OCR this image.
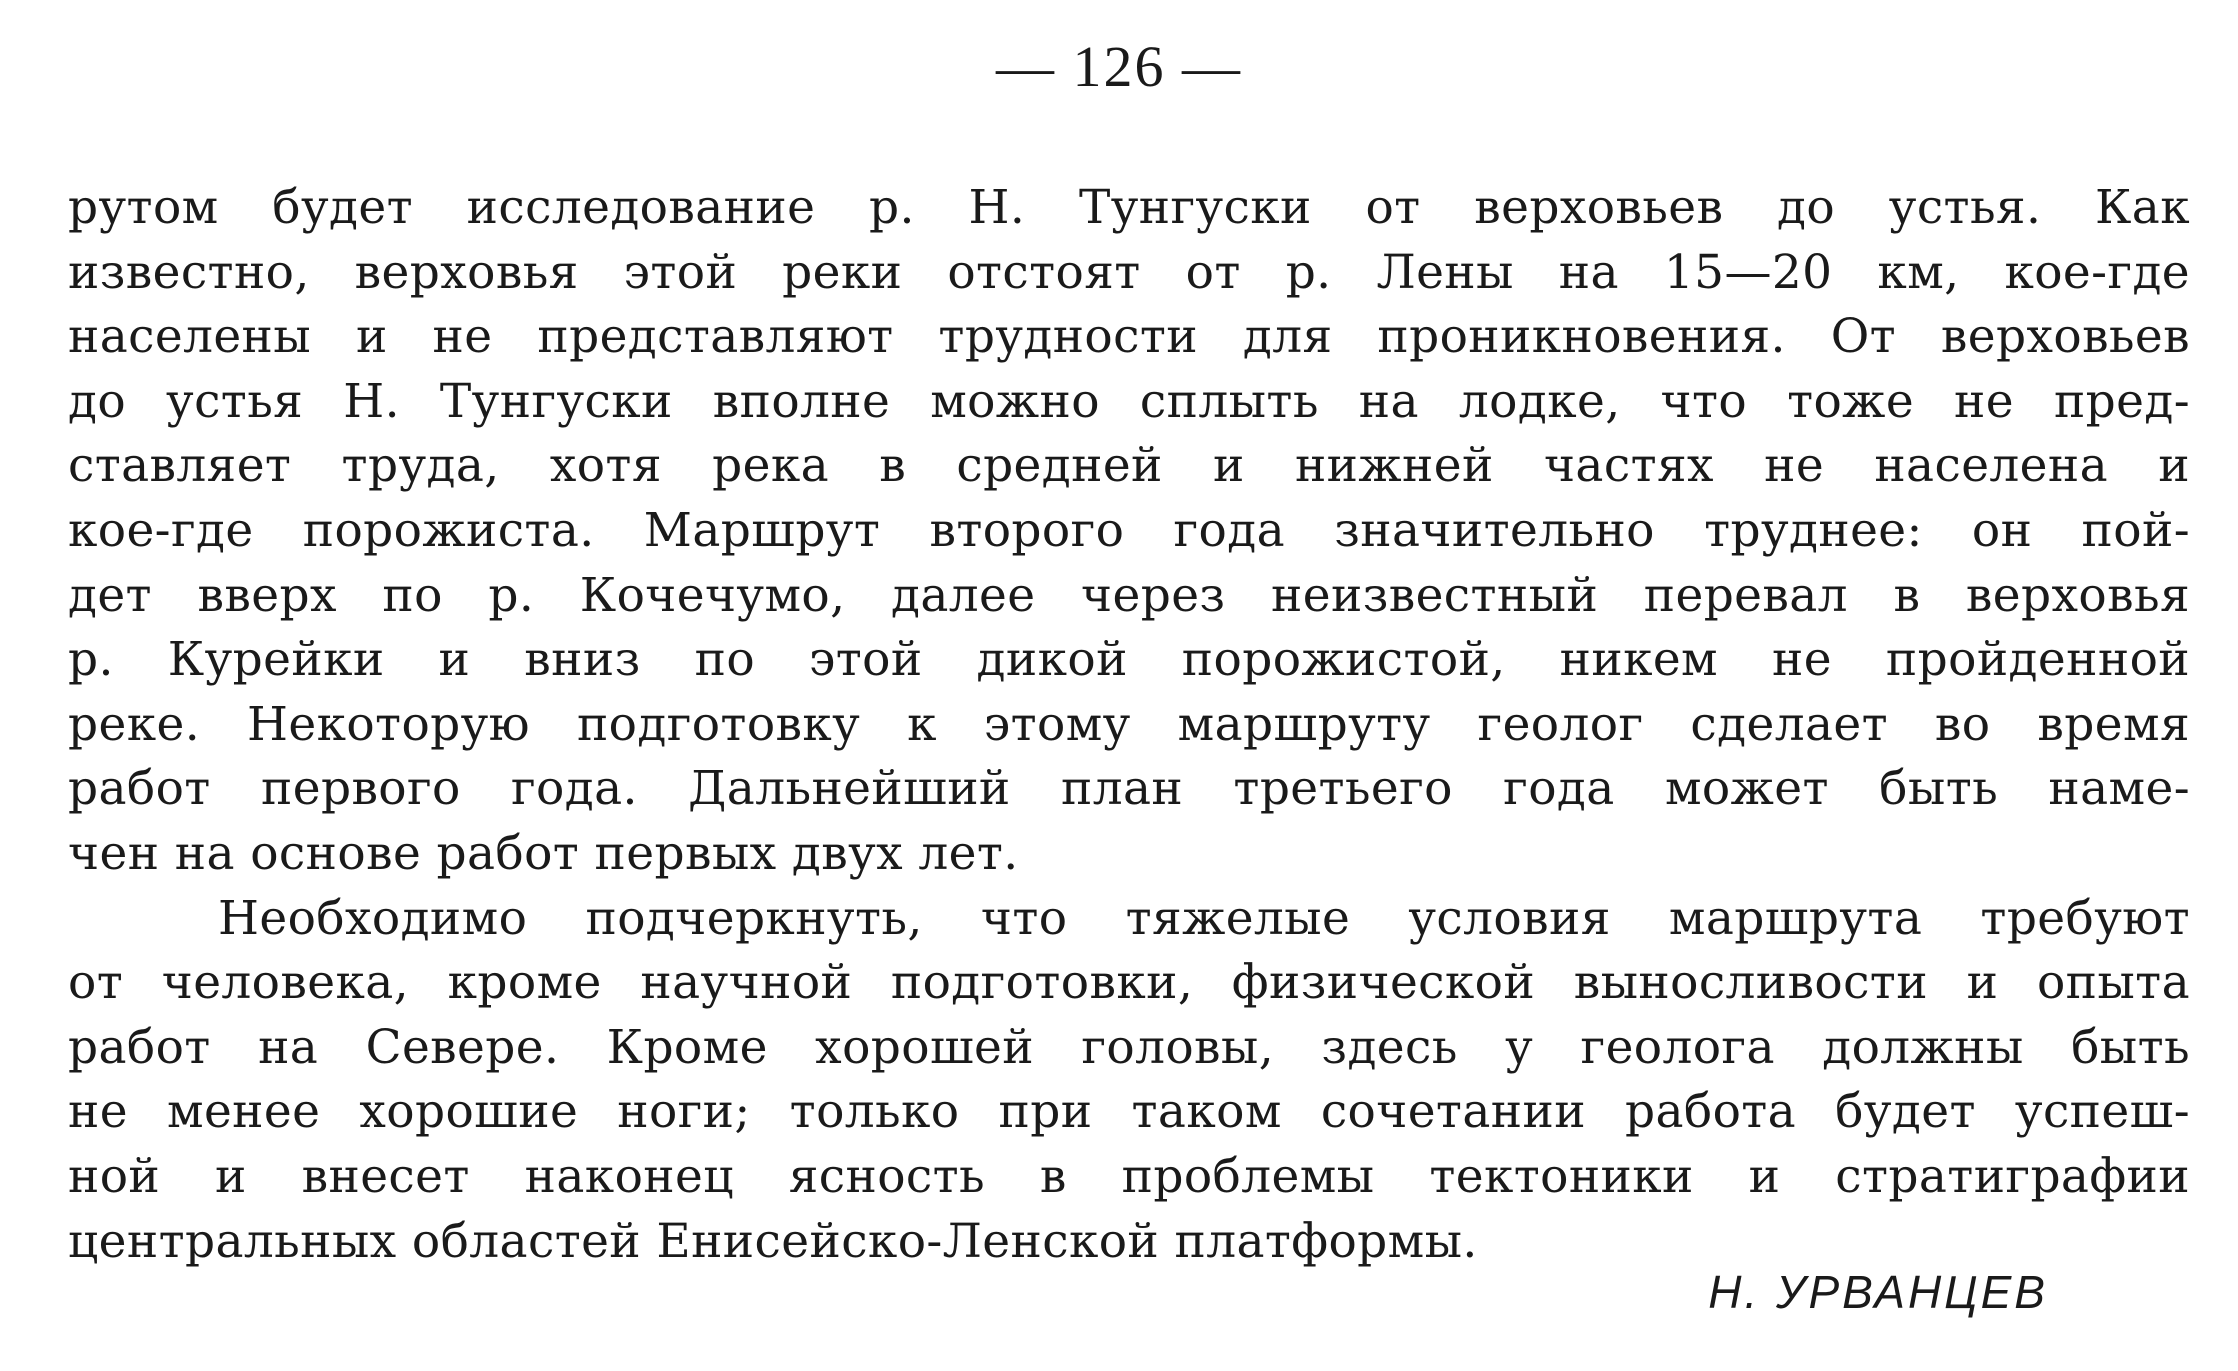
— 126 —
рутом будет исследование р. Н. Тунгуски от верховьев до устья. Как
известно, верховья этой реки отстоят от р. Лены на 15—20 км, кое-где
населены и не представляют трудности для проникновения. От верховьев
до устья Н. Тунгуски вполне можно сплыть на лодке, что тоже не пред-
ставляет труда, хотя река в средней и нижней частях не населена и
кое-где порожиста. Маршрут второго года значительно труднее: он пой-
дет вверх по р. Кочечумо, далее через неизвестный перевал в верховья
р. Курейки и вниз по этой дикой порожистой, никем не пройденной
реке. Некоторую подготовку к этому маршруту геолог сделает во время
работ первого года. Дальнейший план третьего года может быть наме-
чен на основе работ первых двух лет.
Необходимо подчеркнуть, что тяжелые условия маршрута требуют
от человека, кроме научной подготовки, физической выносливости и опыта
работ на Севере. Кроме хорошей головы, здесь у геолога должны быть
не менее хорошие ноги; только при таком сочетании работа будет успеш-
ной и внесет наконец ясность в проблемы тектоники и стратиграфии
центральных областей Енисейско-Ленской платформы.
Н. УРВАНЦЕВ
